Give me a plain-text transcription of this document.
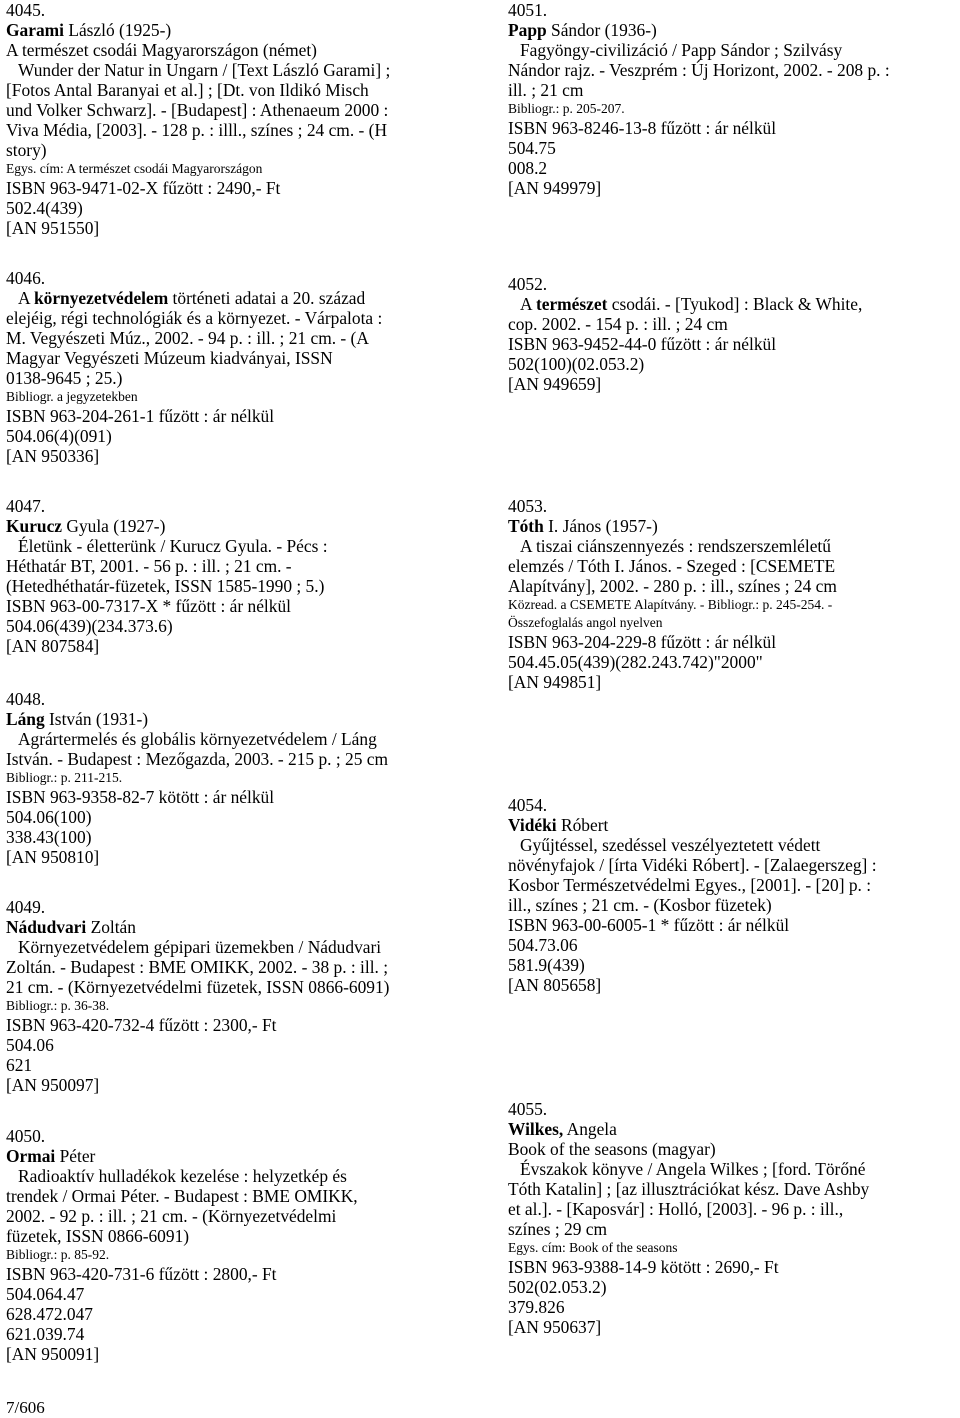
4045.
Garami László (1925-)
A természet csodái Magyarországon (német)
Wunder der Natur in Ungarn / [Text László Garami] ;
[Fotos Antal Baranyai et al.] ; [Dt. von Ildikó Misch
und Volker Schwarz]. - [Budapest] : Athenaeum 2000 :
Viva Média, [2003]. - 128 p. : illl., színes ; 24 cm. - (H
story)
Egys. cím: A természet csodái Magyarországon
ISBN 963-9471-02-X fűzött : 2490,- Ft
502.4(439)
[AN 951550]
4046.
A környezetvédelem történeti adatai a 20. század
elejéig, régi technológiák és a környezet. - Várpalota :
M. Vegyészeti Múz., 2002. - 94 p. : ill. ; 21 cm. - (A
Magyar Vegyészeti Múzeum kiadványai, ISSN
0138-9645 ; 25.)
Bibliogr. a jegyzetekben
ISBN 963-204-261-1 fűzött : ár nélkül
504.06(4)(091)
[AN 950336]
4047.
Kurucz Gyula (1927-)
Életünk - életterünk / Kurucz Gyula. - Pécs :
Héthatár BT, 2001. - 56 p. : ill. ; 21 cm. -
(Hetedhéthatár-füzetek, ISSN 1585-1990 ; 5.)
ISBN 963-00-7317-X * fűzött : ár nélkül
504.06(439)(234.373.6)
[AN 807584]
4048.
Láng István (1931-)
Agrártermelés és globális környezetvédelem / Láng
István. - Budapest : Mezőgazda, 2003. - 215 p. ; 25 cm
Bibliogr.: p. 211-215.
ISBN 963-9358-82-7 kötött : ár nélkül
504.06(100)
338.43(100)
[AN 950810]
4049.
Nádudvari Zoltán
Környezetvédelem gépipari üzemekben / Nádudvari
Zoltán. - Budapest : BME OMIKK, 2002. - 38 p. : ill. ;
21 cm. - (Környezetvédelmi füzetek, ISSN 0866-6091)
Bibliogr.: p. 36-38.
ISBN 963-420-732-4 fűzött : 2300,- Ft
504.06
621
[AN 950097]
4050.
Ormai Péter
Radioaktív hulladékok kezelése : helyzetkép és
trendek / Ormai Péter. - Budapest : BME OMIKK,
2002. - 92 p. : ill. ; 21 cm. - (Környezetvédelmi
füzetek, ISSN 0866-6091)
Bibliogr.: p. 85-92.
ISBN 963-420-731-6 fűzött : 2800,- Ft
504.064.47
628.472.047
621.039.74
[AN 950091]
4051.
Papp Sándor (1936-)
Fagyöngy-civilizáció / Papp Sándor ; Szilvásy
Nándor rajz. - Veszprém : Új Horizont, 2002. - 208 p. :
ill. ; 21 cm
Bibliogr.: p. 205-207.
ISBN 963-8246-13-8 fűzött : ár nélkül
504.75
008.2
[AN 949979]
4052.
A természet csodái. - [Tyukod] : Black & White,
cop. 2002. - 154 p. : ill. ; 24 cm
ISBN 963-9452-44-0 fűzött : ár nélkül
502(100)(02.053.2)
[AN 949659]
4053.
Tóth I. János (1957-)
A tiszai ciánszennyezés : rendszerszemléletű
elemzés / Tóth I. János. - Szeged : [CSEMETE
Alapítvány], 2002. - 280 p. : ill., színes ; 24 cm
Közread. a CSEMETE Alapítvány. - Bibliogr.: p. 245-254. -
Összefoglalás angol nyelven
ISBN 963-204-229-8 fűzött : ár nélkül
504.45.05(439)(282.243.742)"2000"
[AN 949851]
4054.
Vidéki Róbert
Gyűjtéssel, szedéssel veszélyeztetett védett
növényfajok / [írta Vidéki Róbert]. - [Zalaegerszeg] :
Kosbor Természetvédelmi Egyes., [2001]. - [20] p. :
ill., színes ; 21 cm. - (Kosbor füzetek)
ISBN 963-00-6005-1 * fűzött : ár nélkül
504.73.06
581.9(439)
[AN 805658]
4055.
Wilkes, Angela
Book of the seasons (magyar)
Évszakok könyve / Angela Wilkes ; [ford. Törőné
Tóth Katalin] ; [az illusztrációkat kész. Dave Ashby
et al.]. - [Kaposvár] : Holló, [2003]. - 96 p. : ill.,
színes ; 29 cm
Egys. cím: Book of the seasons
ISBN 963-9388-14-9 kötött : 2690,- Ft
502(02.053.2)
379.826
[AN 950637]
7/606
